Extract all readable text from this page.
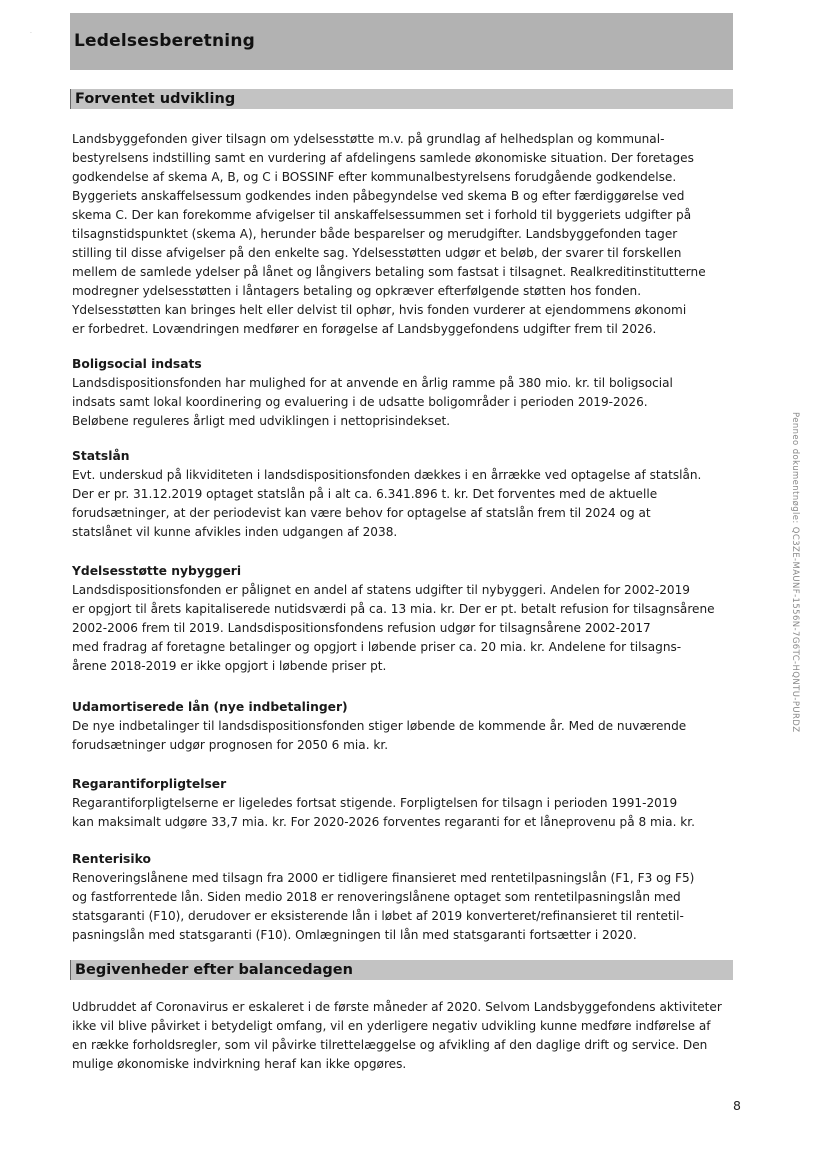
· Ledelsesberetning
Forventet udvikling
Landsbyggefonden giver tilsagn om ydelsesstøtte m.v. på grundlag af helhedsplan og kommunal-
bestyrelsens indstilling samt en vurdering af afdelingens samlede økonomiske situation. Der foretages
godkendelse af skema A, B, og C i BOSSINF efter kommunalbestyrelsens forudgående godkendelse.
Byggeriets anskaffelsessum godkendes inden påbegyndelse ved skema B og efter færdiggørelse ved
skema C. Der kan forekomme afvigelser til anskaffelsessummen set i forhold til byggeriets udgifter på
tilsagnstidspunktet (skema A), herunder både besparelser og merudgifter. Landsbyggefonden tager
stilling til disse afvigelser på den enkelte sag. Ydelsesstøtten udgør et beløb, der svarer til forskellen
mellem de samlede ydelser på lånet og långivers betaling som fastsat i tilsagnet. Realkreditinstitutterne
modregner ydelsesstøtten i låntagers betaling og opkræver efterfølgende støtten hos fonden.
Ydelsesstøtten kan bringes helt eller delvist til ophør, hvis fonden vurderer at ejendommens økonomi
er forbedret. Lovændringen medfører en forøgelse af Landsbyggefondens udgifter frem til 2026.
Boligsocial indsats
Landsdispositionsfonden har mulighed for at anvende en årlig ramme på 380 mio. kr. til boligsocial
indsats samt lokal koordinering og evaluering i de udsatte boligområder i perioden 2019-2026.
Beløbene reguleres årligt med udviklingen i nettoprisindekset.
Statslån
Evt. underskud på likviditeten i landsdispositionsfonden dækkes i en årrække ved optagelse af statslån.
Der er pr. 31.12.2019 optaget statslån på i alt ca. 6.341.896 t. kr. Det forventes med de aktuelle
forudsætninger, at der periodevist kan være behov for optagelse af statslån frem til 2024 og at
statslånet vil kunne afvikles inden udgangen af 2038.
Ydelsesstøtte nybyggeri
Landsdispositionsfonden er pålignet en andel af statens udgifter til nybyggeri. Andelen for 2002-2019
er opgjort til årets kapitaliserede nutidsværdi på ca. 13 mia. kr. Der er pt. betalt refusion for tilsagnsårene
2002-2006 frem til 2019. Landsdispositionsfondens refusion udgør for tilsagnsårene 2002-2017
med fradrag af foretagne betalinger og opgjort i løbende priser ca. 20 mia. kr. Andelene for tilsagns-
årene 2018-2019 er ikke opgjort i løbende priser pt.
Udamortiserede lån (nye indbetalinger)
De nye indbetalinger til landsdispositionsfonden stiger løbende de kommende år. Med de nuværende
forudsætninger udgør prognosen for 2050 6 mia. kr.
Regarantiforpligtelser
Regarantiforpligtelserne er ligeledes fortsat stigende. Forpligtelsen for tilsagn i perioden 1991-2019
kan maksimalt udgøre 33,7 mia. kr. For 2020-2026 forventes regaranti for et låneprovenu på 8 mia. kr.
Renterisiko
Renoveringslånene med tilsagn fra 2000 er tidligere finansieret med rentetilpasningslån (F1, F3 og F5)
og fastforrentede lån. Siden medio 2018 er renoveringslånene optaget som rentetilpasningslån med
statsgaranti (F10), derudover er eksisterende lån i løbet af 2019 konverteret/refinansieret til rentetil-
pasningslån med statsgaranti (F10). Omlægningen til lån med statsgaranti fortsætter i 2020.
Begivenheder efter balancedagen
Udbruddet af Coronavirus er eskaleret i de første måneder af 2020. Selvom Landsbyggefondens aktiviteter
ikke vil blive påvirket i betydeligt omfang, vil en yderligere negativ udvikling kunne medføre indførelse af
en række forholdsregler, som vil påvirke tilrettelæggelse og afvikling af den daglige drift og service. Den
mulige økonomiske indvirkning heraf kan ikke opgøres.
Penneo dokumentnøgle: QC3ZE-MAUNF-1556N-7G6TC-HQNTU-PURDZ
8
